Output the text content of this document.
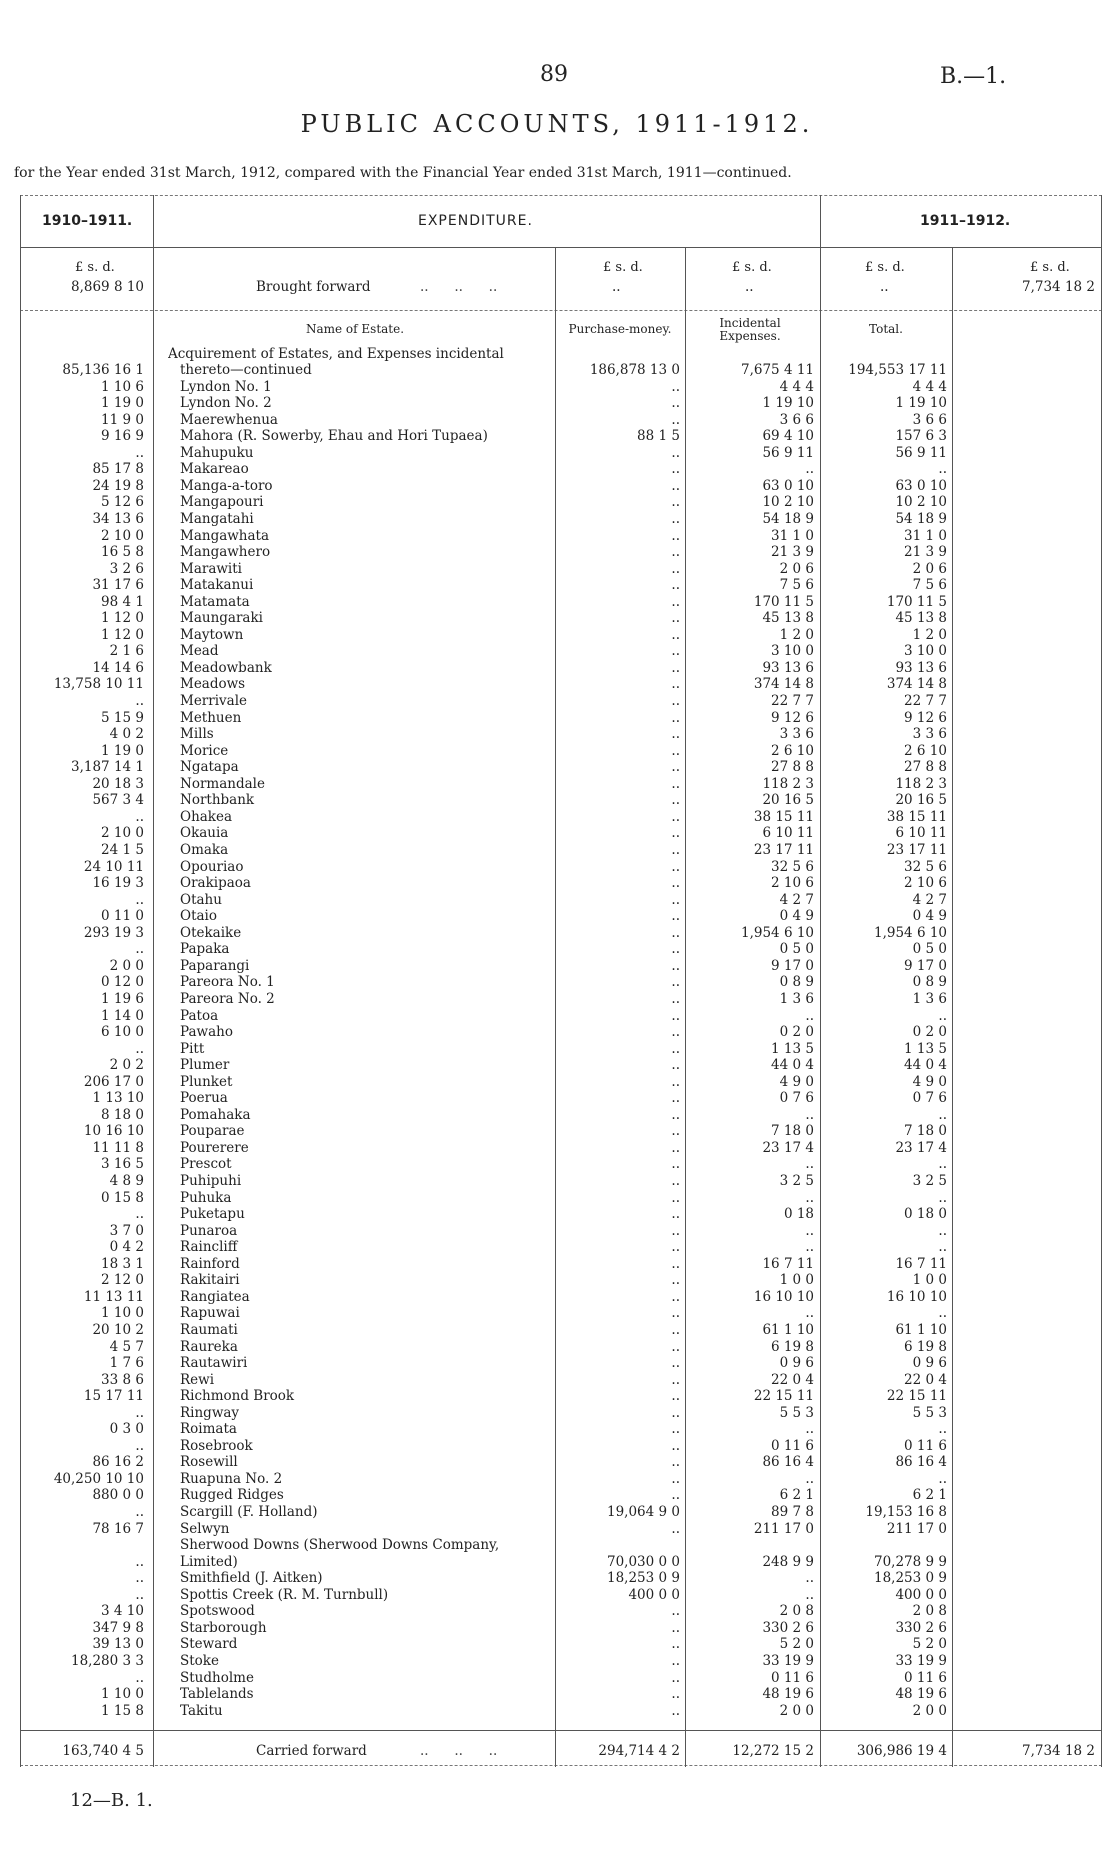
89	B.—1.
PUBLIC ACCOUNTS, 1911-1912.
for the Year ended 31st March, 1912, compared with the Financial Year ended 31st March, 1911—continued.
1910–1911.	EXPENDITURE.	1911–1912.
£ s. d.	£ s. d.	£ s. d.	£ s. d.	£ s. d.
8,869 8 10	Brought forward	..      ..      ..	..	..	..	7,734 18 2
Name of Estate.	Purchase-money.	Incidental Expenses.	Total.
Acquirement of Estates, and Expenses incidental
85,136 16 1	thereto—continued	186,878 13 0	7,675 4 11	194,553 17 11
1 10 6	Lyndon No. 1	..	4 4 4	4 4 4
1 19 0	Lyndon No. 2	..	1 19 10	1 19 10
11 9 0	Maerewhenua	..	3 6 6	3 6 6
9 16 9	Mahora (R. Sowerby, Ehau and Hori Tupaea)	88 1 5	69 4 10	157 6 3
..	Mahupuku	..	56 9 11	56 9 11
85 17 8	Makareao	..	..	..
24 19 8	Manga-a-toro	..	63 0 10	63 0 10
5 12 6	Mangapouri	..	10 2 10	10 2 10
34 13 6	Mangatahi	..	54 18 9	54 18 9
2 10 0	Mangawhata	..	31 1 0	31 1 0
16 5 8	Mangawhero	..	21 3 9	21 3 9
3 2 6	Marawiti	..	2 0 6	2 0 6
31 17 6	Matakanui	..	7 5 6	7 5 6
98 4 1	Matamata	..	170 11 5	170 11 5
1 12 0	Maungaraki	..	45 13 8	45 13 8
1 12 0	Maytown	..	1 2 0	1 2 0
2 1 6	Mead	..	3 10 0	3 10 0
14 14 6	Meadowbank	..	93 13 6	93 13 6
13,758 10 11	Meadows	..	374 14 8	374 14 8
..	Merrivale	..	22 7 7	22 7 7
5 15 9	Methuen	..	9 12 6	9 12 6
4 0 2	Mills	..	3 3 6	3 3 6
1 19 0	Morice	..	2 6 10	2 6 10
3,187 14 1	Ngatapa	..	27 8 8	27 8 8
20 18 3	Normandale	..	118 2 3	118 2 3
567 3 4	Northbank	..	20 16 5	20 16 5
..	Ohakea	..	38 15 11	38 15 11
2 10 0	Okauia	..	6 10 11	6 10 11
24 1 5	Omaka	..	23 17 11	23 17 11
24 10 11	Opouriao	..	32 5 6	32 5 6
16 19 3	Orakipaoa	..	2 10 6	2 10 6
..	Otahu	..	4 2 7	4 2 7
0 11 0	Otaio	..	0 4 9	0 4 9
293 19 3	Otekaike	..	1,954 6 10	1,954 6 10
..	Papaka	..	0 5 0	0 5 0
2 0 0	Paparangi	..	9 17 0	9 17 0
0 12 0	Pareora No. 1	..	0 8 9	0 8 9
1 19 6	Pareora No. 2	..	1 3 6	1 3 6
1 14 0	Patoa	..	..	..
6 10 0	Pawaho	..	0 2 0	0 2 0
..	Pitt	..	1 13 5	1 13 5
2 0 2	Plumer	..	44 0 4	44 0 4
206 17 0	Plunket	..	4 9 0	4 9 0
1 13 10	Poerua	..	0 7 6	0 7 6
8 18 0	Pomahaka	..	..	..
10 16 10	Pouparae	..	7 18 0	7 18 0
11 11 8	Pourerere	..	23 17 4	23 17 4
3 16 5	Prescot	..	..	..
4 8 9	Puhipuhi	..	3 2 5	3 2 5
0 15 8	Puhuka	..	..	..
..	Puketapu	..	0 18	0 18 0
3 7 0	Punaroa	..	..	..
0 4 2	Raincliff	..	..	..
18 3 1	Rainford	..	16 7 11	16 7 11
2 12 0	Rakitairi	..	1 0 0	1 0 0
11 13 11	Rangiatea	..	16 10 10	16 10 10
1 10 0	Rapuwai	..	..	..
20 10 2	Raumati	..	61 1 10	61 1 10
4 5 7	Raureka	..	6 19 8	6 19 8
1 7 6	Rautawiri	..	0 9 6	0 9 6
33 8 6	Rewi	..	22 0 4	22 0 4
15 17 11	Richmond Brook	..	22 15 11	22 15 11
..	Ringway	..	5 5 3	5 5 3
0 3 0	Roimata	..	..	..
..	Rosebrook	..	0 11 6	0 11 6
86 16 2	Rosewill	..	86 16 4	86 16 4
40,250 10 10	Ruapuna No. 2	..	..	..
880 0 0	Rugged Ridges	..	6 2 1	6 2 1
..	Scargill (F. Holland)	19,064 9 0	89 7 8	19,153 16 8
78 16 7	Selwyn	..	211 17 0	211 17 0
Sherwood Downs (Sherwood Downs Company,
..	Limited)	70,030 0 0	248 9 9	70,278 9 9
..	Smithfield (J. Aitken)	18,253 0 9	..	18,253 0 9
..	Spottis Creek (R. M. Turnbull)	400 0 0	..	400 0 0
3 4 10	Spotswood	..	2 0 8	2 0 8
347 9 8	Starborough	..	330 2 6	330 2 6
39 13 0	Steward	..	5 2 0	5 2 0
18,280 3 3	Stoke	..	33 19 9	33 19 9
..	Studholme	..	0 11 6	0 11 6
1 10 0	Tablelands	..	48 19 6	48 19 6
1 15 8	Takitu	..	2 0 0	2 0 0
163,740 4 5	Carried forward	..      ..      ..	294,714 4 2	12,272 15 2	306,986 19 4	7,734 18 2
12—B. 1.
